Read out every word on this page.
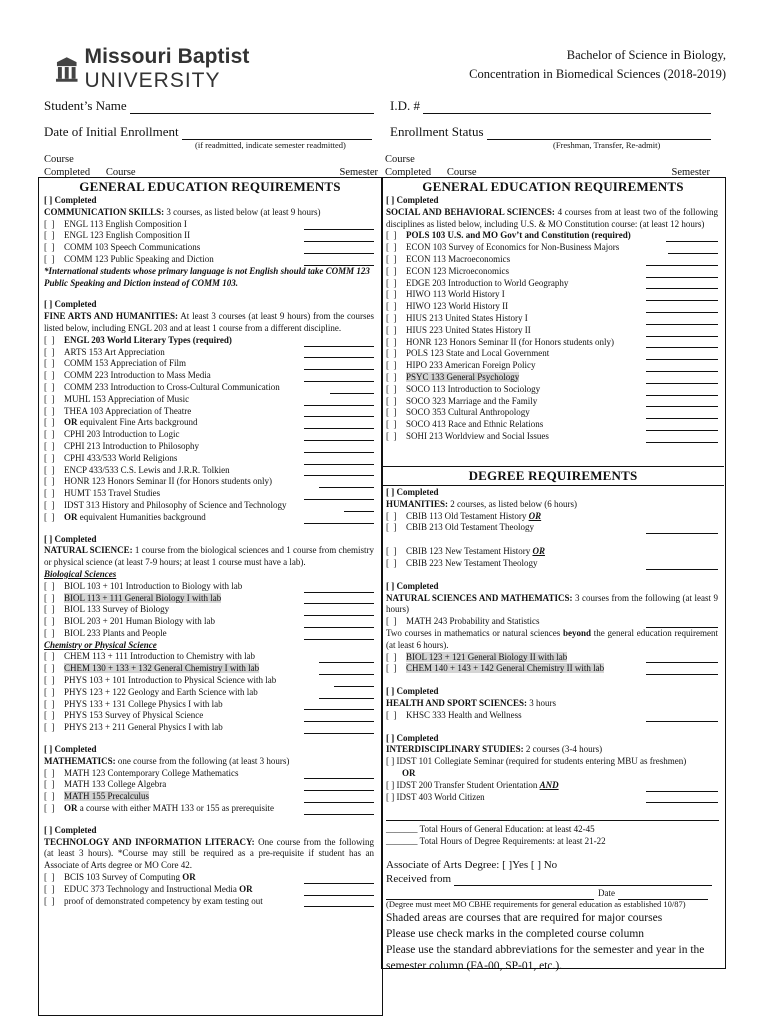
Missouri Baptist UNIVERSITY
Bachelor of Science in Biology,
Concentration in Biomedical Sciences (2018-2019)
Student’s Name	I.D. #
Date of Initial Enrollment
(if readmitted, indicate semester readmitted)
Enrollment Status
(Freshman, Transfer, Re-admit)
Course
Completed Course	Semester
Course
Completed Course	Semester
GENERAL EDUCATION REQUIREMENTS

[ ] Completed

COMMUNICATION SKILLS: 3 courses, as listed below (at least 9 hours)

[  ]	ENGL 113 English Composition I
[  ]	ENGL 123 English Composition II
[  ]	COMM 103 Speech Communications
[  ]	COMM 123 Public Speaking and Diction

*International students whose primary language is not English should take COMM 123 Public Speaking and Diction instead of COMM 103.

[ ] Completed

FINE ARTS AND HUMANITIES: At least 3 courses (at least 9 hours) from the courses listed below, including ENGL 203 and at least 1 course from a different discipline.

[  ]	ENGL 203 World Literary Types (required)
[  ]	ARTS 153 Art Appreciation
[  ]	COMM 153 Appreciation of Film
[  ]	COMM 223 Introduction to Mass Media
[  ]	COMM 233 Introduction to Cross-Cultural Communication
[  ]	MUHL 153 Appreciation of Music
[  ]	THEA 103 Appreciation of Theatre
[  ]	OR equivalent Fine Arts background
[  ]	CPHI 203 Introduction to Logic
[  ]	CPHI 213 Introduction to Philosophy
[  ]	CPHI 433/533 World Religions
[  ]	ENCP 433/533 C.S. Lewis and J.R.R. Tolkien
[  ]	HONR 123 Honors Seminar II (for Honors students only)
[  ]	HUMT 153 Travel Studies
[  ]	IDST 313 History and Philosophy of Science and Technology
[  ]	OR equivalent Humanities background

[ ] Completed

NATURAL SCIENCE: 1 course from the biological sciences and 1 course from chemistry or physical science (at least 7-9 hours; at least 1 course must have a lab).

Biological Sciences

[  ]	BIOL 103 + 101 Introduction to Biology with lab
[  ]	BIOL 113 + 111 General Biology I with lab
[  ]	BIOL 133 Survey of Biology
[  ]	BIOL 203 + 201 Human Biology with lab
[  ]	BIOL 233 Plants and People

Chemistry or Physical Science

[  ]	CHEM 113 + 111 Introduction to Chemistry with lab
[  ]	CHEM 130 + 133 + 132 General Chemistry I with lab
[  ]	PHYS 103 + 101 Introduction to Physical Science with lab
[  ]	PHYS 123 + 122 Geology and Earth Science with lab
[  ]	PHYS 133 + 131 College Physics I with lab
[  ]	PHYS 153 Survey of Physical Science
[  ]	PHYS 213 + 211 General Physics I with lab

[ ] Completed

MATHEMATICS: one course from the following (at least 3 hours)

[  ]	MATH 123 Contemporary College Mathematics
[  ]	MATH 133 College Algebra
[  ]	MATH 155 Precalculus
[  ]	OR a course with either MATH 133 or 155 as prerequisite

[ ] Completed

TECHNOLOGY AND INFORMATION LITERACY: One course from the following (at least 3 hours). *Course may still be required as a pre-requisite if student has an Associate of Arts degree or MO Core 42.

[  ]	BCIS 103 Survey of Computing OR
[  ]	EDUC 373 Technology and Instructional Media OR
[  ]	proof of demonstrated competency by exam testing out
GENERAL EDUCATION REQUIREMENTS

[ ] Completed

SOCIAL AND BEHAVIORAL SCIENCES: 4 courses from at least two of the following disciplines as listed below, including U.S. & MO Constitution course: (at least 12 hours)

[  ]	POLS 103 U.S. and MO Gov’t and Constitution (required)
[  ]	ECON 103 Survey of Economics for Non-Business Majors
[  ]	ECON 113 Macroeconomics
[  ]	ECON 123 Microeconomics
[  ]	EDGE 203 Introduction to World Geography
[  ]	HIWO 113 World History I
[  ]	HIWO 123 World History II
[  ]	HIUS 213 United States History I
[  ]	HIUS 223 United States History II
[  ]	HONR 123 Honors Seminar II (for Honors students only)
[  ]	POLS 123 State and Local Government
[  ]	HIPO 233 American Foreign Policy
[  ]	PSYC 133 General Psychology
[  ]	SOCO 113 Introduction to Sociology
[  ]	SOCO 323 Marriage and the Family
[  ]	SOCO 353 Cultural Anthropology
[  ]	SOCO 413 Race and Ethnic Relations
[  ]	SOHI 213 Worldview and Social Issues
DEGREE REQUIREMENTS

[ ] Completed

HUMANITIES: 2 courses, as listed below (6 hours)

[  ]	CBIB 113 Old Testament History OR
[  ]	CBIB 213 Old Testament Theology
[  ]	CBIB 123 New Testament History OR
[  ]	CBIB 223 New Testament Theology

[ ] Completed

NATURAL SCIENCES AND MATHEMATICS: 3 courses from the following (at least 9 hours)

[  ]	MATH 243 Probability and Statistics

Two courses in mathematics or natural sciences beyond the general education requirement (at least 6 hours).

[  ]	BIOL 123 + 121 General Biology II with lab
[  ]	CHEM 140 + 143 + 142 General Chemistry II with lab

[ ] Completed

HEALTH AND SPORT SCIENCES: 3 hours

[  ]	KHSC 333 Health and Wellness

[ ] Completed

INTERDISCIPLINARY STUDIES: 2 courses (3-4 hours)

[ ] IDST 101 Collegiate Seminar (required for students entering MBU as freshmen)

OR

[ ] IDST 200 Transfer Student Orientation AND
[ ] IDST 403 World Citizen

_______ Total Hours of General Education: at least 42-45

_______ Total Hours of Degree Requirements: at least 21-22

Associate of Arts Degree: [ ]Yes [ ] No
Received from
Date
(Degree must meet MO CBHE requirements for general education as established 10/87)
Shaded areas are courses that are required for major courses
Please use check marks in the completed course column
Please use the standard abbreviations for the semester and year in the semester column (FA-00, SP-01, etc.).
